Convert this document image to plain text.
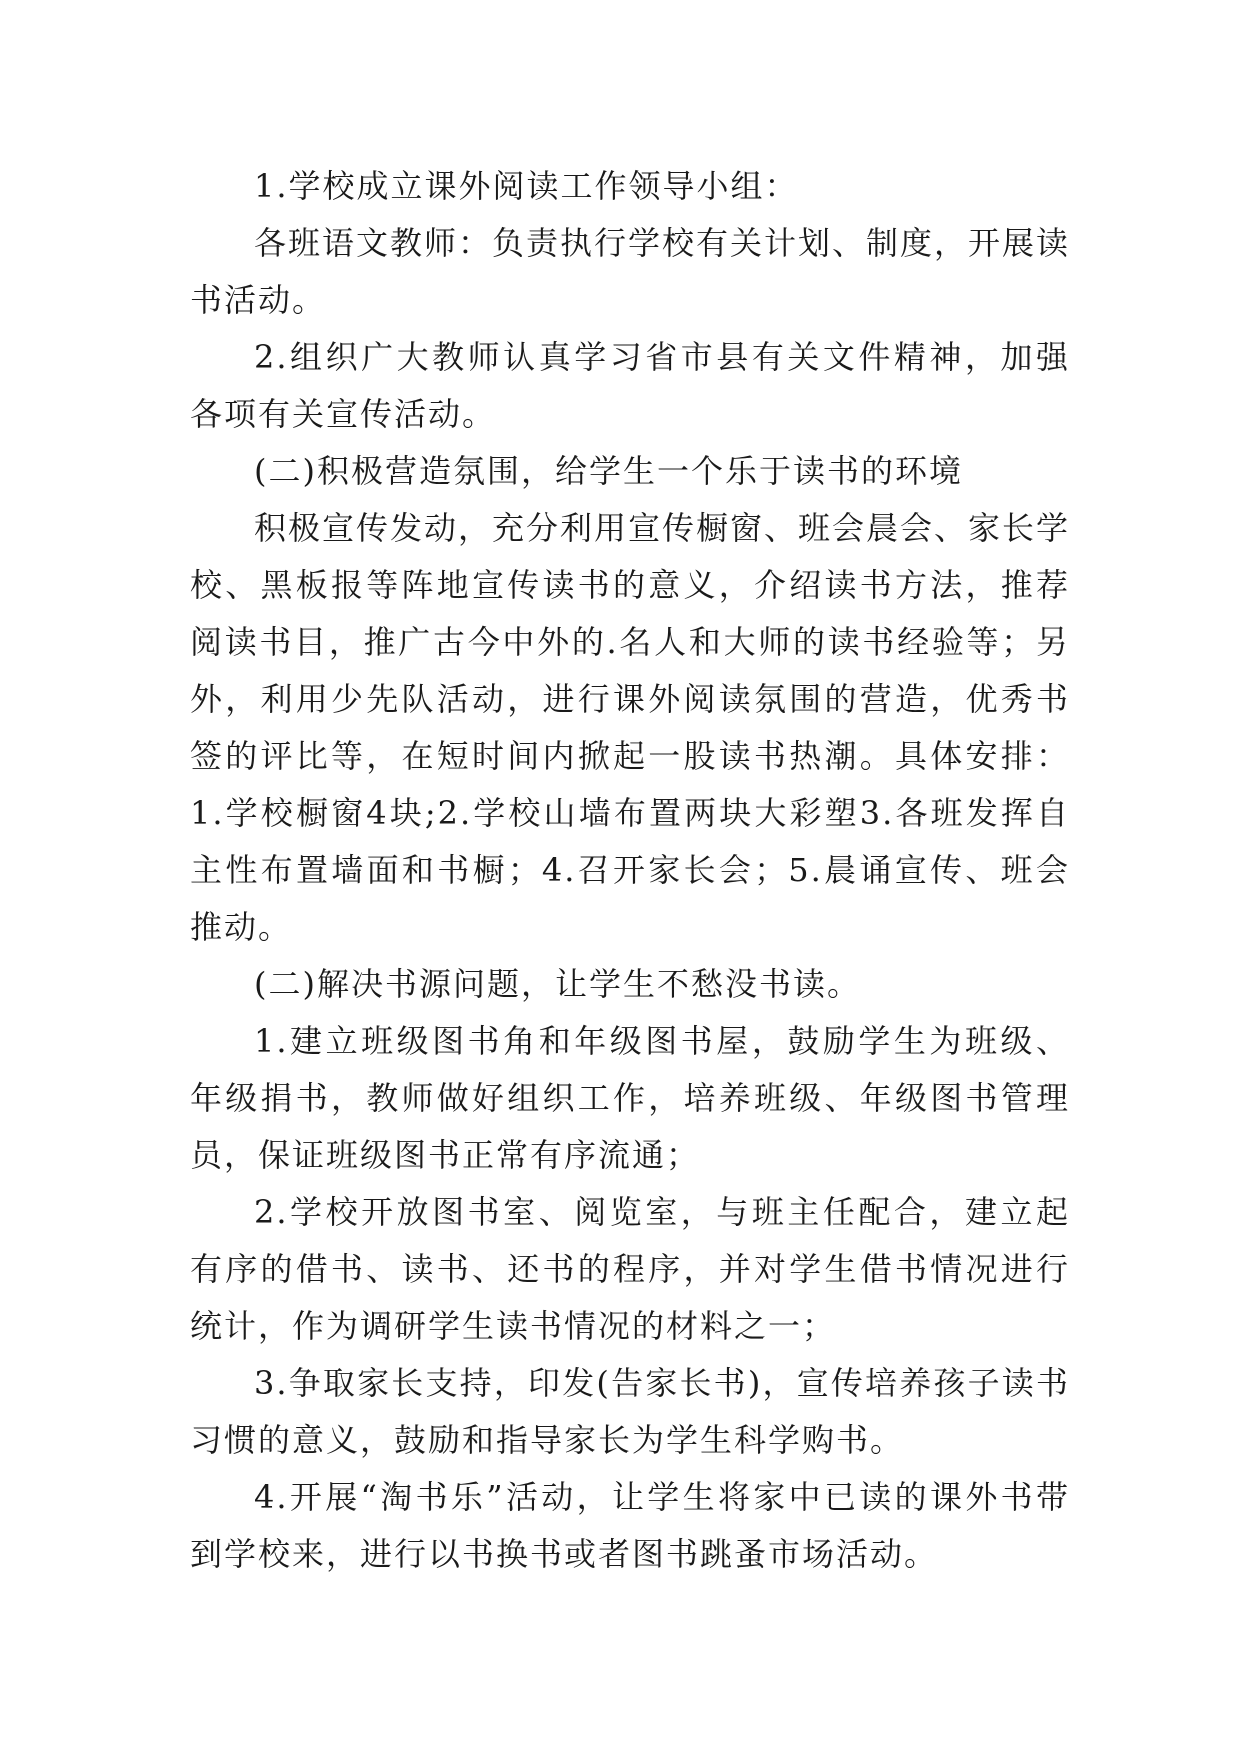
1.学校成立课外阅读工作领导小组：

各班语文教师：负责执行学校有关计划、制度，开展读书活动。

2.组织广大教师认真学习省市县有关文件精神，加强各项有关宣传活动。

(二)积极营造氛围，给学生一个乐于读书的环境

积极宣传发动，充分利用宣传橱窗、班会晨会、家长学校、黑板报等阵地宣传读书的意义，介绍读书方法，推荐阅读书目，推广古今中外的.名人和大师的读书经验等；另外，利用少先队活动，进行课外阅读氛围的营造，优秀书签的评比等，在短时间内掀起一股读书热潮。具体安排： 1.学校橱窗4块;2.学校山墙布置两块大彩塑3.各班发挥自主性布置墙面和书橱；4.召开家长会；5.晨诵宣传、班会推动。

(二)解决书源问题，让学生不愁没书读。

1.建立班级图书角和年级图书屋，鼓励学生为班级、年级捐书，教师做好组织工作，培养班级、年级图书管理员，保证班级图书正常有序流通；

2.学校开放图书室、阅览室，与班主任配合，建立起有序的借书、读书、还书的程序，并对学生借书情况进行统计，作为调研学生读书情况的材料之一；

3.争取家长支持，印发(告家长书)，宣传培养孩子读书习惯的意义，鼓励和指导家长为学生科学购书。

4.开展“淘书乐”活动，让学生将家中已读的课外书带到学校来，进行以书换书或者图书跳蚤市场活动。
